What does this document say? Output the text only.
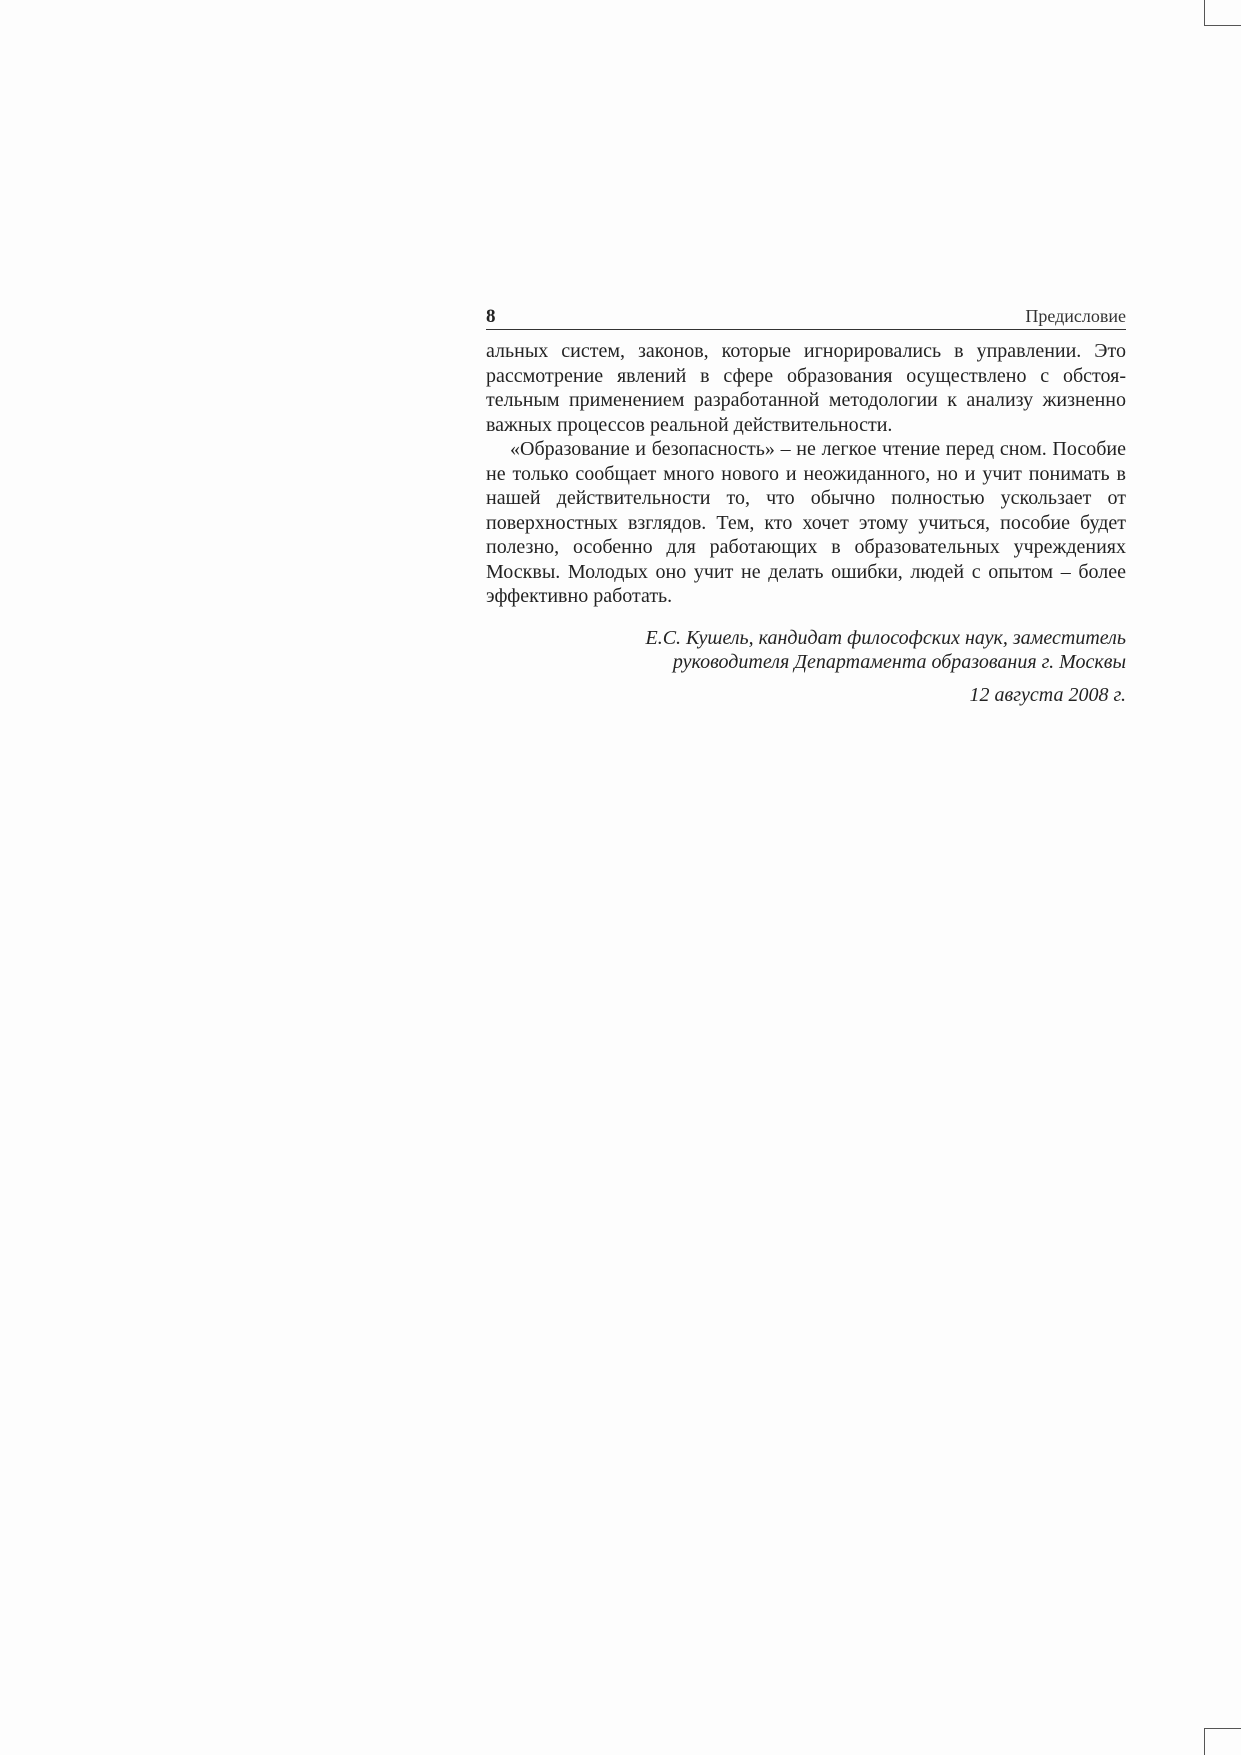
8	Предисловие

альных систем, законов, которые игнорировались в управлении. Это рассмотрение явлений в сфере образования осуществлено с обстоятельным применением разработанной методологии к анализу жизненно важных процессов реальной действительности.

«Образование и безопасность» – не легкое чтение перед сном. Пособие не только сообщает много нового и неожиданного, но и учит понимать в нашей действительности то, что обычно полностью ускользает от поверхностных взглядов. Тем, кто хочет этому учиться, пособие будет полезно, особенно для работающих в образовательных учреждениях Москвы. Молодых оно учит не делать ошибки, людей с опытом – более эффективно работать.

Е.С. Кушель, кандидат философских наук, заместитель
руководителя Департамента образования г. Москвы
12 августа 2008 г.
